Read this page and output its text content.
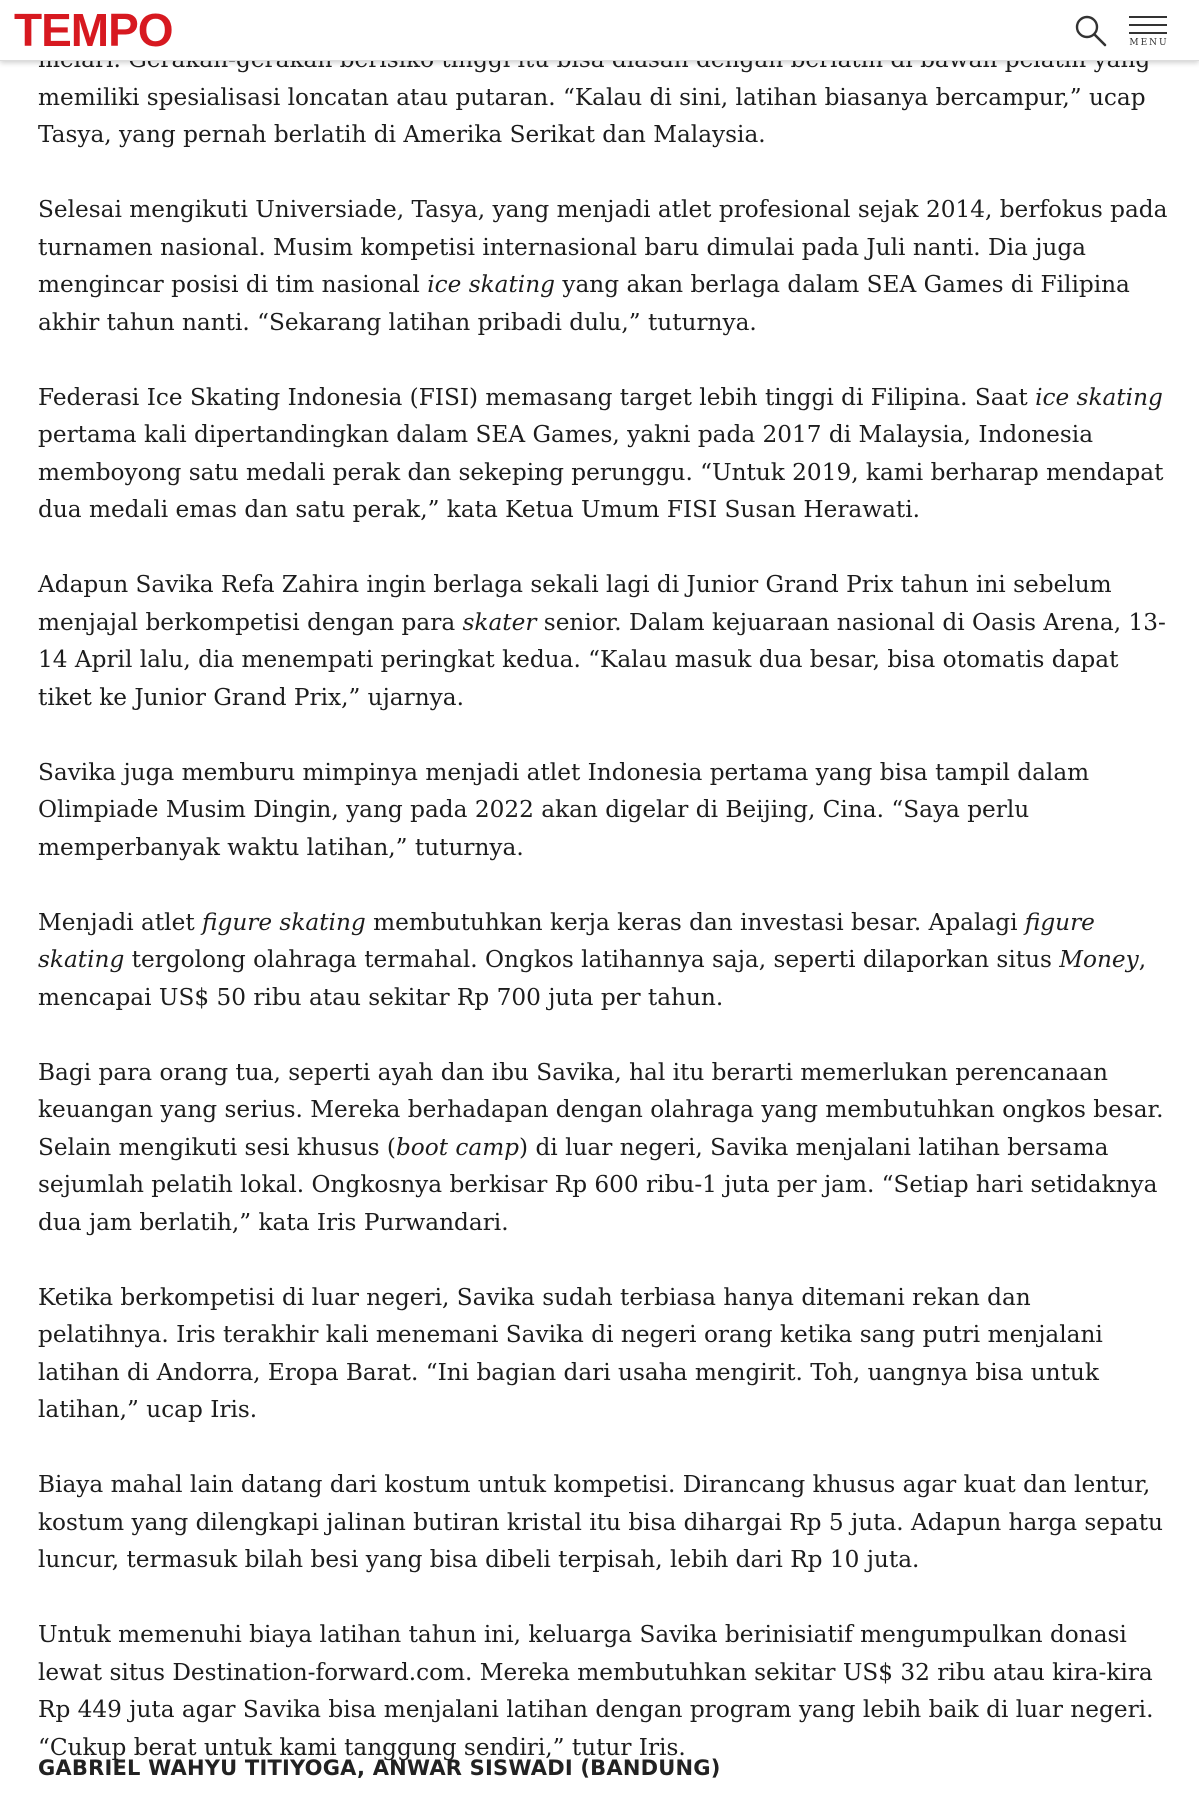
TEMPO	MENU

memiliki spesialisasi loncatan atau putaran. “Kalau di sini, latihan biasanya bercampur,” ucap Tasya, yang pernah berlatih di Amerika Serikat dan Malaysia.

Selesai mengikuti Universiade, Tasya, yang menjadi atlet profesional sejak 2014, berfokus pada turnamen nasional. Musim kompetisi internasional baru dimulai pada Juli nanti. Dia juga mengincar posisi di tim nasional ice skating yang akan berlaga dalam SEA Games di Filipina akhir tahun nanti. “Sekarang latihan pribadi dulu,” tuturnya.

Federasi Ice Skating Indonesia (FISI) memasang target lebih tinggi di Filipina. Saat ice skating pertama kali dipertandingkan dalam SEA Games, yakni pada 2017 di Malaysia, Indonesia memboyong satu medali perak dan sekeping perunggu. “Untuk 2019, kami berharap mendapat dua medali emas dan satu perak,” kata Ketua Umum FISI Susan Herawati.

Adapun Savika Refa Zahira ingin berlaga sekali lagi di Junior Grand Prix tahun ini sebelum menjajal berkompetisi dengan para skater senior. Dalam kejuaraan nasional di Oasis Arena, 13-14 April lalu, dia menempati peringkat kedua. “Kalau masuk dua besar, bisa otomatis dapat tiket ke Junior Grand Prix,” ujarnya.

Savika juga memburu mimpinya menjadi atlet Indonesia pertama yang bisa tampil dalam Olimpiade Musim Dingin, yang pada 2022 akan digelar di Beijing, Cina. “Saya perlu memperbanyak waktu latihan,” tuturnya.

Menjadi atlet figure skating membutuhkan kerja keras dan investasi besar. Apalagi figure skating tergolong olahraga termahal. Ongkos latihannya saja, seperti dilaporkan situs Money, mencapai US$ 50 ribu atau sekitar Rp 700 juta per tahun.

Bagi para orang tua, seperti ayah dan ibu Savika, hal itu berarti memerlukan perencanaan keuangan yang serius. Mereka berhadapan dengan olahraga yang membutuhkan ongkos besar. Selain mengikuti sesi khusus (boot camp) di luar negeri, Savika menjalani latihan bersama sejumlah pelatih lokal. Ongkosnya berkisar Rp 600 ribu-1 juta per jam. “Setiap hari setidaknya dua jam berlatih,” kata Iris Purwandari.

Ketika berkompetisi di luar negeri, Savika sudah terbiasa hanya ditemani rekan dan pelatihnya. Iris terakhir kali menemani Savika di negeri orang ketika sang putri menjalani latihan di Andorra, Eropa Barat. “Ini bagian dari usaha mengirit. Toh, uangnya bisa untuk latihan,” ucap Iris.

Biaya mahal lain datang dari kostum untuk kompetisi. Dirancang khusus agar kuat dan lentur, kostum yang dilengkapi jalinan butiran kristal itu bisa dihargai Rp 5 juta. Adapun harga sepatu luncur, termasuk bilah besi yang bisa dibeli terpisah, lebih dari Rp 10 juta.

Untuk memenuhi biaya latihan tahun ini, keluarga Savika berinisiatif mengumpulkan donasi lewat situs Destination-forward.com. Mereka membutuhkan sekitar US$ 32 ribu atau kira-kira Rp 449 juta agar Savika bisa menjalani latihan dengan program yang lebih baik di luar negeri. “Cukup berat untuk kami tanggung sendiri,” tutur Iris.

GABRIEL WAHYU TITIYOGA, ANWAR SISWADI (BANDUNG)
